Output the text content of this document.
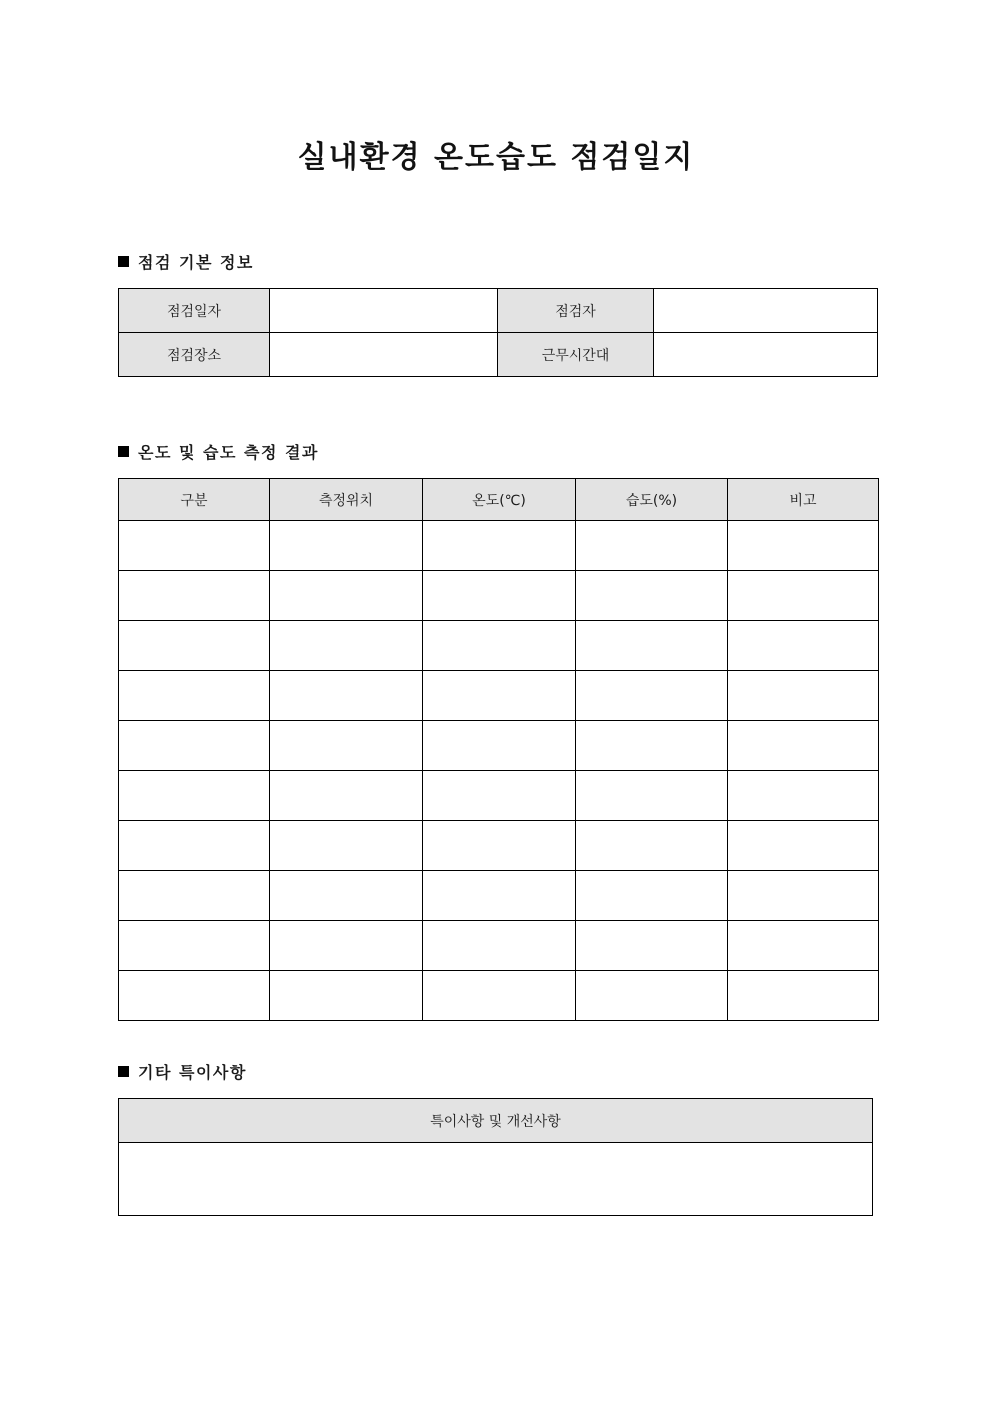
실내환경 온도습도 점검일지
점검 기본 정보
점검일자		점검자	
점검장소		근무시간대	
온도 및 습도 측정 결과
구분	측정위치	온도(℃)	습도(%)	비고

기타 특이사항
특이사항 및 개선사항
